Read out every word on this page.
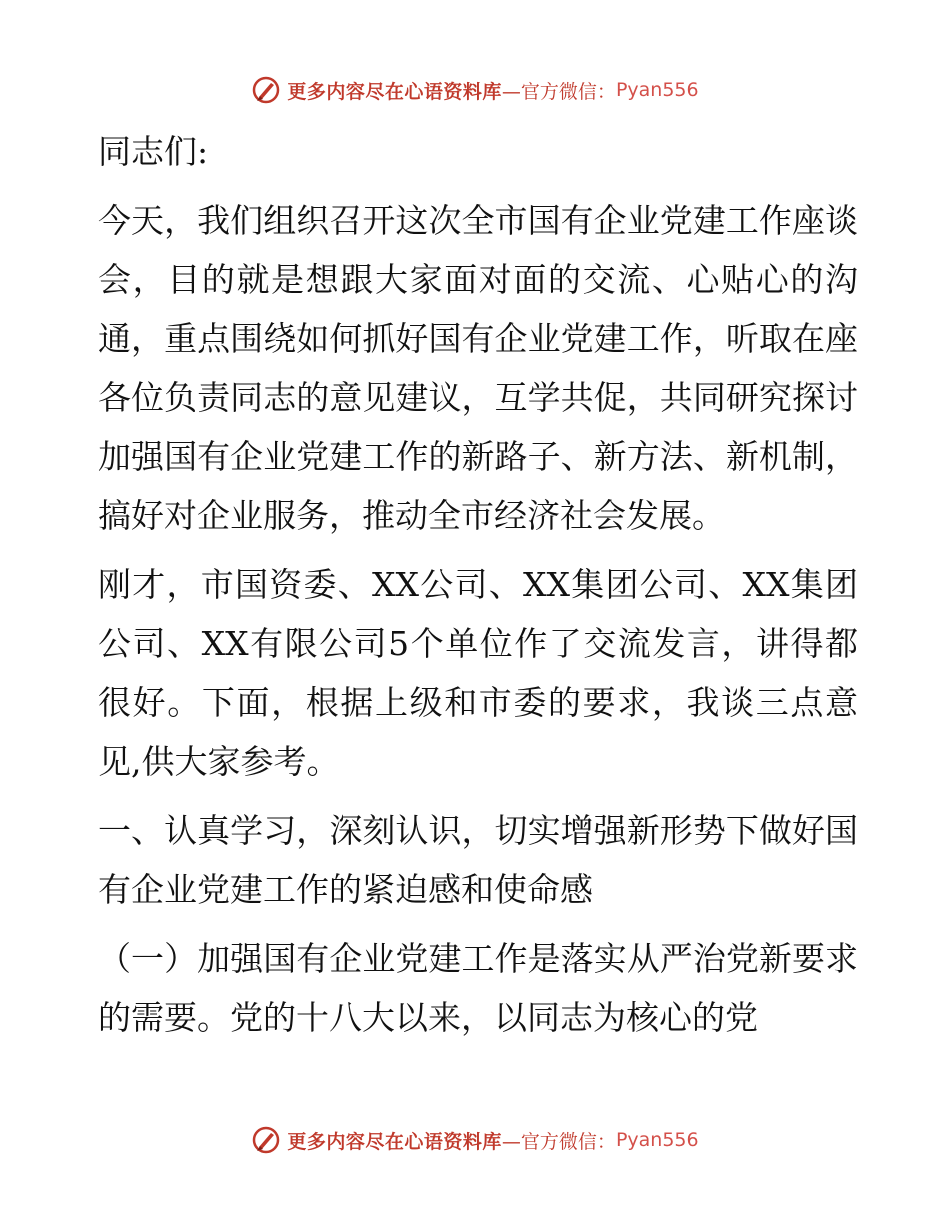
更多内容尽在心语资料库 —官方微信： Pyan556

同志们:

今天，我们组织召开这次全市国有企业党建工作座谈会，目的就是想跟大家面对面的交流、心贴心的沟通，重点围绕如何抓好国有企业党建工作，听取在座各位负责同志的意见建议，互学共促，共同研究探讨加强国有企业党建工作的新路子、新方法、新机制，搞好对企业服务，推动全市经济社会发展。

刚才，市国资委、XX公司、XX集团公司、XX集团公司、XX有限公司5个单位作了交流发言，讲得都很好。下面，根据上级和市委的要求，我谈三点意见,供大家参考。

一、认真学习，深刻认识，切实增强新形势下做好国有企业党建工作的紧迫感和使命感

（一）加强国有企业党建工作是落实从严治党新要求的需要。党的十八大以来，以同志为核心的党

更多内容尽在心语资料库 —官方微信： Pyan556
